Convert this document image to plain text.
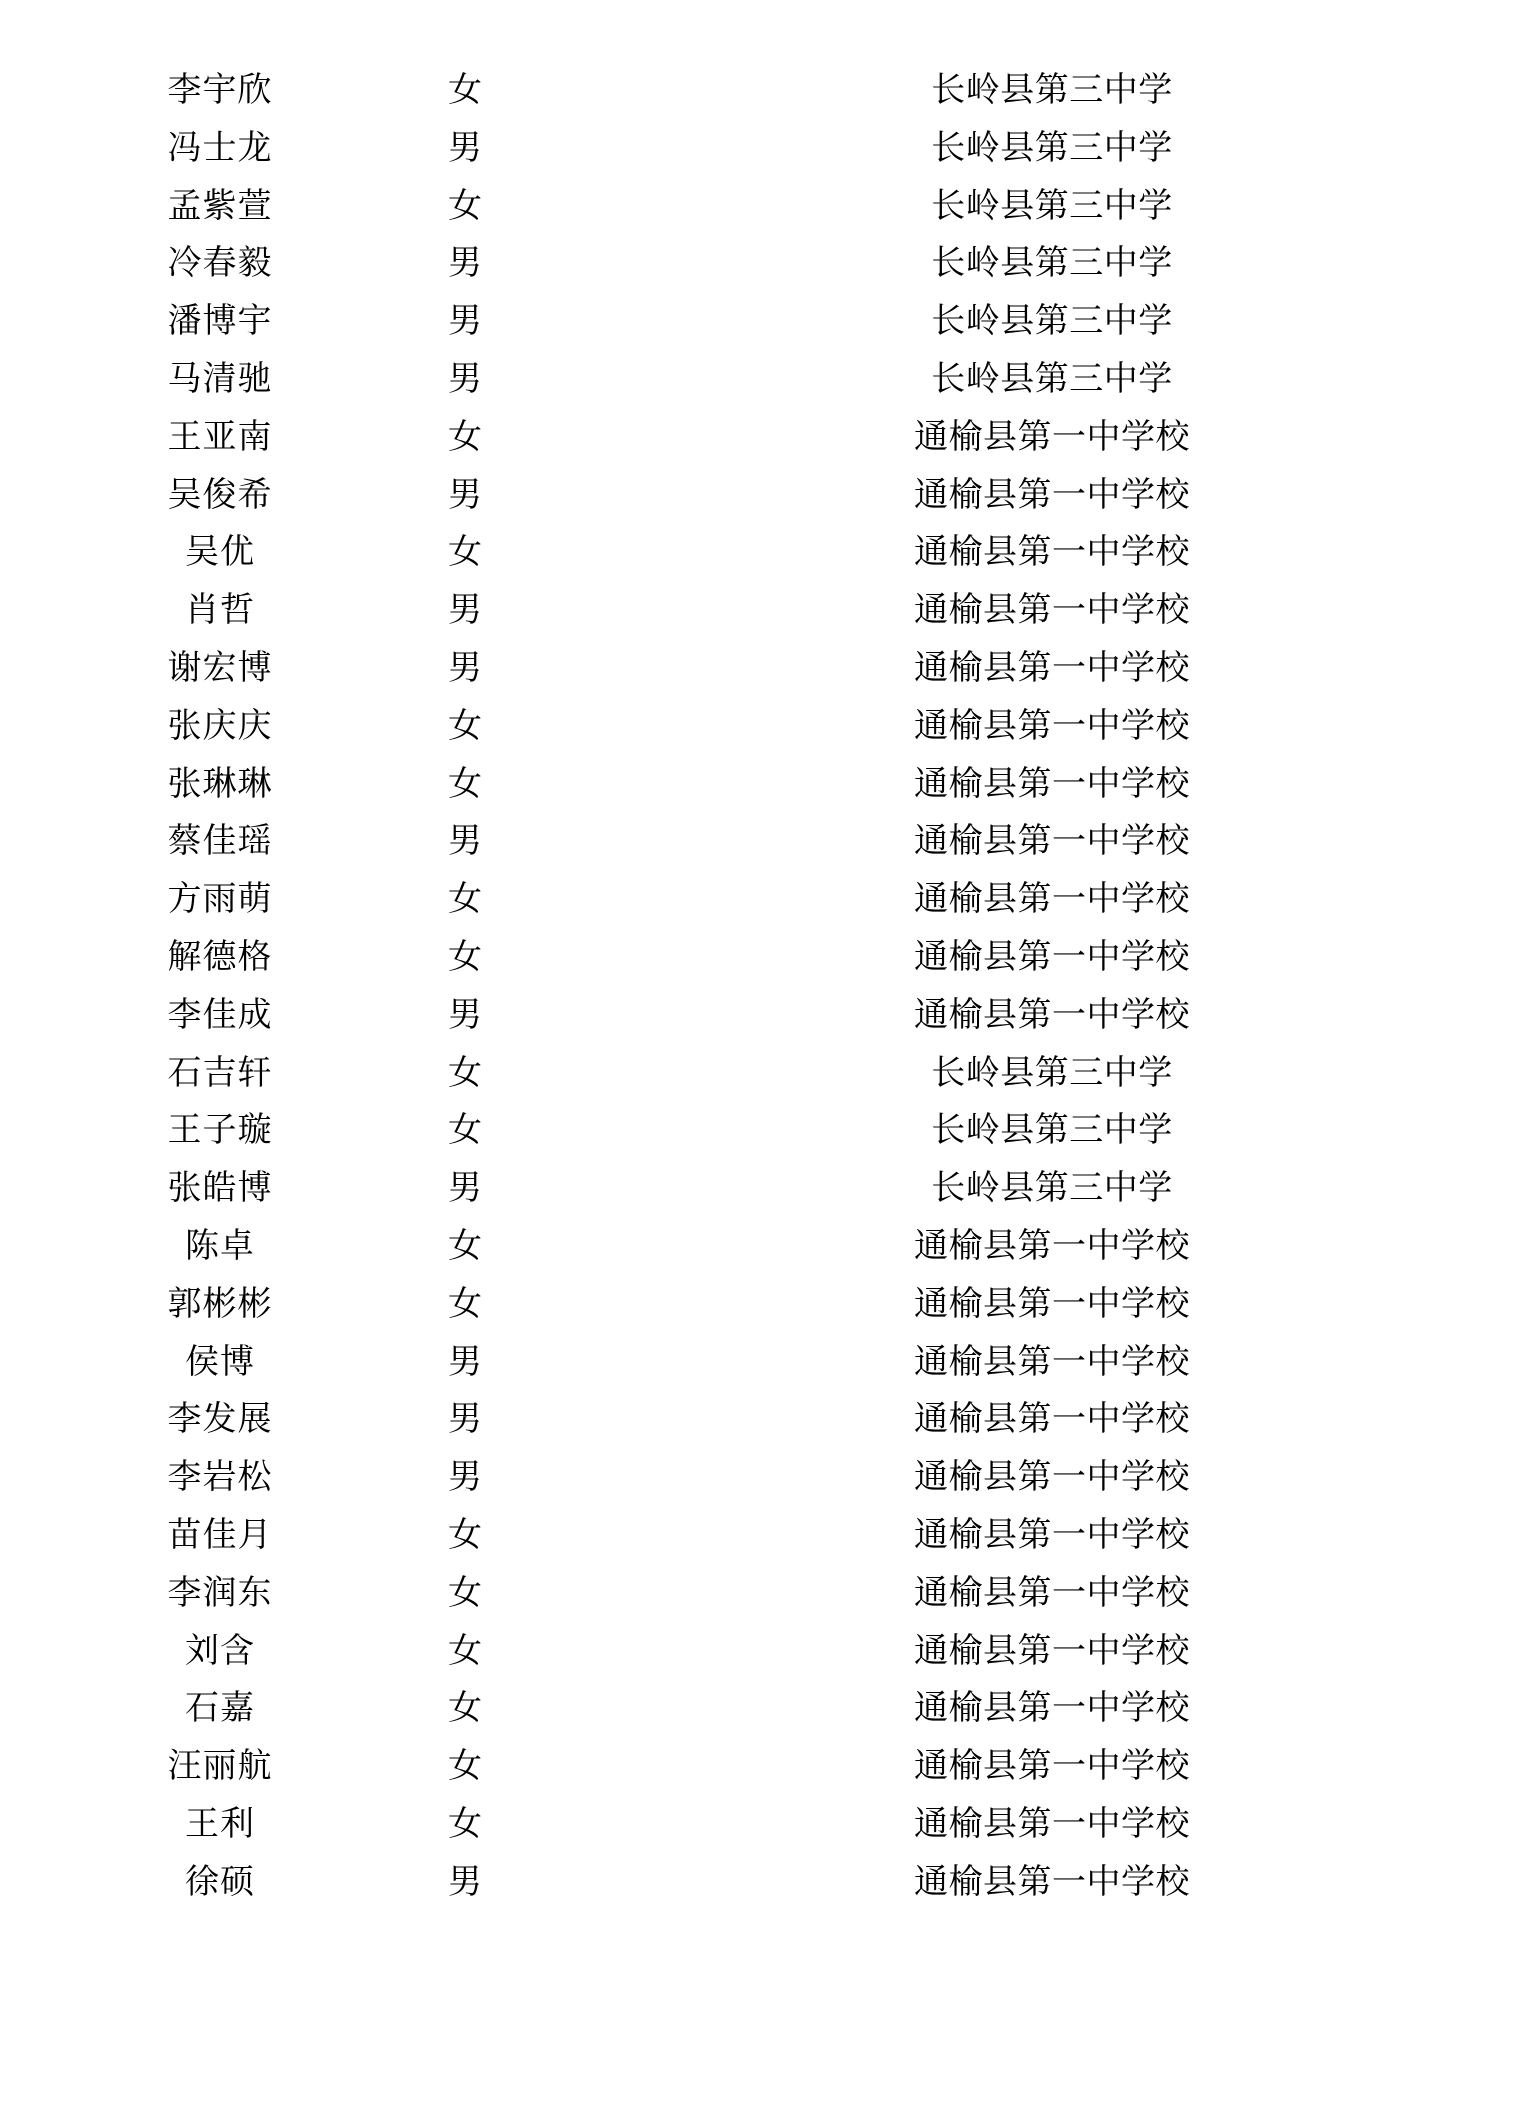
李宇欣	女		长岭县第三中学
冯士龙	男		长岭县第三中学
孟紫萱	女		长岭县第三中学
冷春毅	男		长岭县第三中学
潘博宇	男		长岭县第三中学
马清驰	男		长岭县第三中学
王亚南	女		通榆县第一中学校
吴俊希	男		通榆县第一中学校
吴优	女		通榆县第一中学校
肖哲	男		通榆县第一中学校
谢宏博	男		通榆县第一中学校
张庆庆	女		通榆县第一中学校
张琳琳	女		通榆县第一中学校
蔡佳瑶	男		通榆县第一中学校
方雨萌	女		通榆县第一中学校
解德格	女		通榆县第一中学校
李佳成	男		通榆县第一中学校
石吉轩	女		长岭县第三中学
王子璇	女		长岭县第三中学
张皓博	男		长岭县第三中学
陈卓	女		通榆县第一中学校
郭彬彬	女		通榆县第一中学校
侯博	男		通榆县第一中学校
李发展	男		通榆县第一中学校
李岩松	男		通榆县第一中学校
苗佳月	女		通榆县第一中学校
李润东	女		通榆县第一中学校
刘含	女		通榆县第一中学校
石嘉	女		通榆县第一中学校
汪丽航	女		通榆县第一中学校
王利	女		通榆县第一中学校
徐硕	男		通榆县第一中学校
